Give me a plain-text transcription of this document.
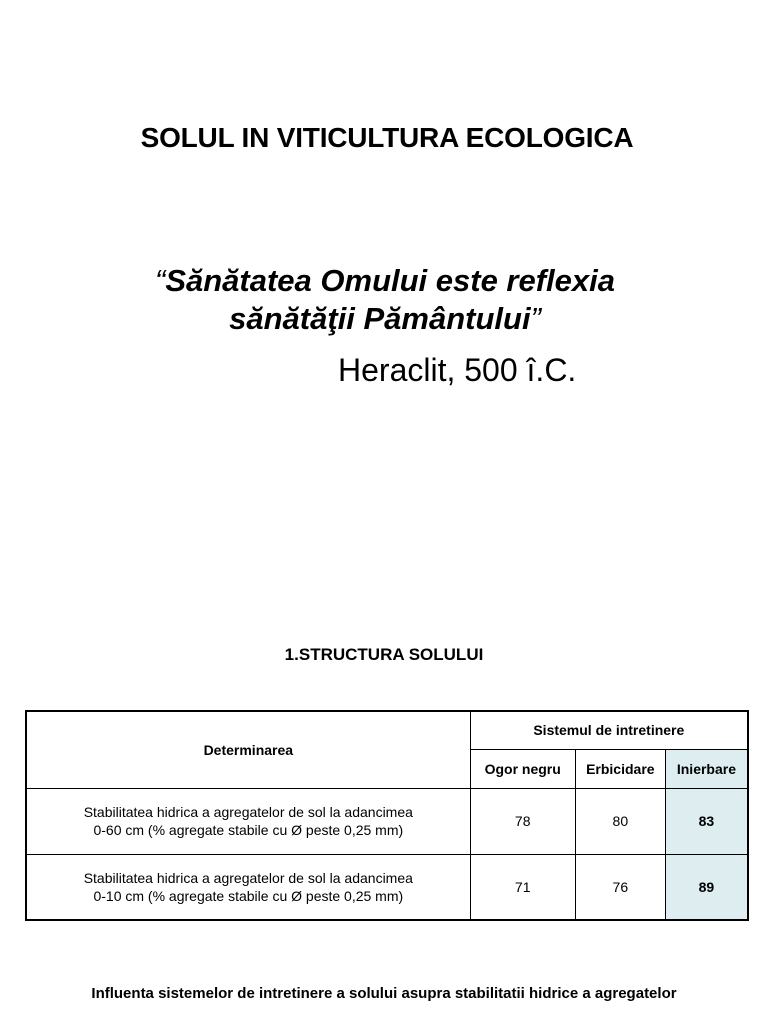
SOLUL IN VITICULTURA ECOLOGICA

“Sănătatea Omului este reflexia
sănătăţii Pământului”

Heraclit, 500 î.C.

1.STRUCTURA SOLULUI
Determinarea	Sistemul de intretinere		
	Ogor negru	Erbicidare	Inierbare
Stabilitatea hidrica a agregatelor de sol la adancimea
0-60 cm (% agregate stabile cu Ø peste 0,25 mm)	78	80	83
Stabilitatea hidrica a agregatelor de sol la adancimea
0-10 cm (% agregate stabile cu Ø peste 0,25 mm)	71	76	89

Influenta sistemelor de intretinere a solului asupra stabilitatii hidrice a agregatelor
